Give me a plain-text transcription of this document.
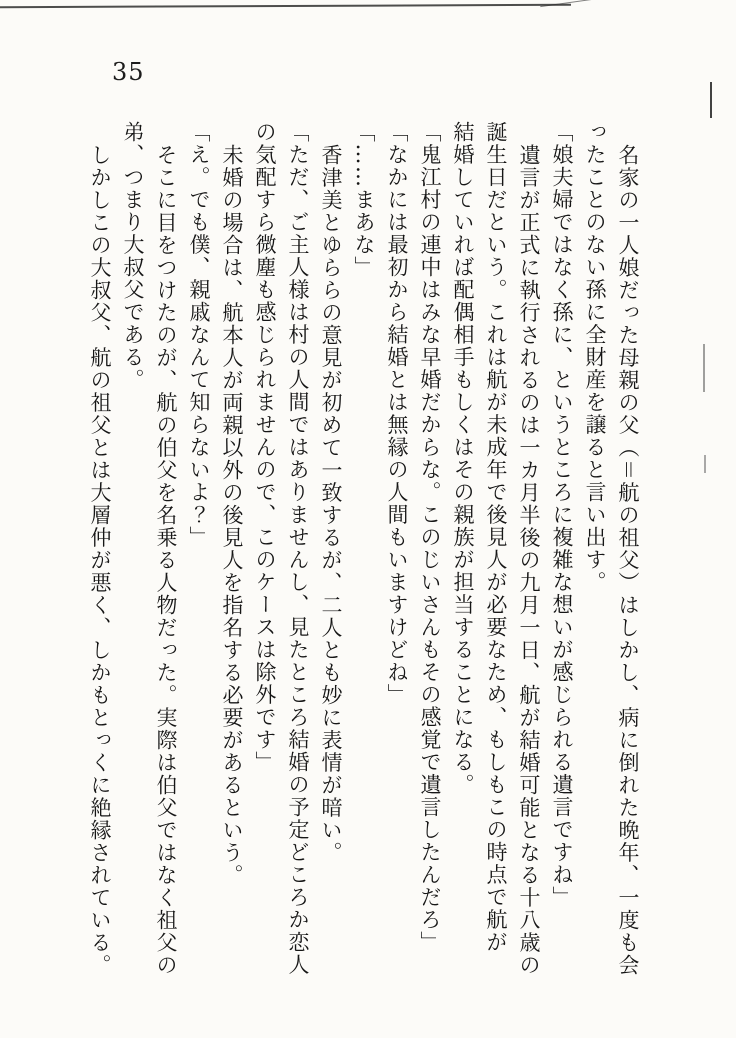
35

名家の一人娘だった母親の父（＝航の祖父）はしかし、病に倒れた晩年、一度も会

ったことのない孫に全財産を譲ると言い出す。

「娘夫婦ではなく孫に、というところに複雑な想いが感じられる遺言ですね」

遺言が正式に執行されるのは一カ月半後の九月一日、航が結婚可能となる十八歳の

誕生日だという。これは航が未成年で後見人が必要なため、もしもこの時点で航が

結婚していれば配偶相手もしくはその親族が担当することになる。

「鬼江村の連中はみな早婚だからな。このじいさんもその感覚で遺言したんだろ」

「なかには最初から結婚とは無縁の人間もいますけどね」

「……まあな」

香津美とゆららの意見が初めて一致するが、二人とも妙に表情が暗い。

「ただ、ご主人様は村の人間ではありませんし、見たところ結婚の予定どころか恋人

の気配すら微塵も感じられませんので、このケースは除外です」

未婚の場合は、航本人が両親以外の後見人を指名する必要があるという。

「え。でも僕、親戚なんて知らないよ？」

そこに目をつけたのが、航の伯父を名乗る人物だった。実際は伯父ではなく祖父の

弟、つまり大叔父である。

しかしこの大叔父、航の祖父とは大層仲が悪く、しかもとっくに絶縁されている。
